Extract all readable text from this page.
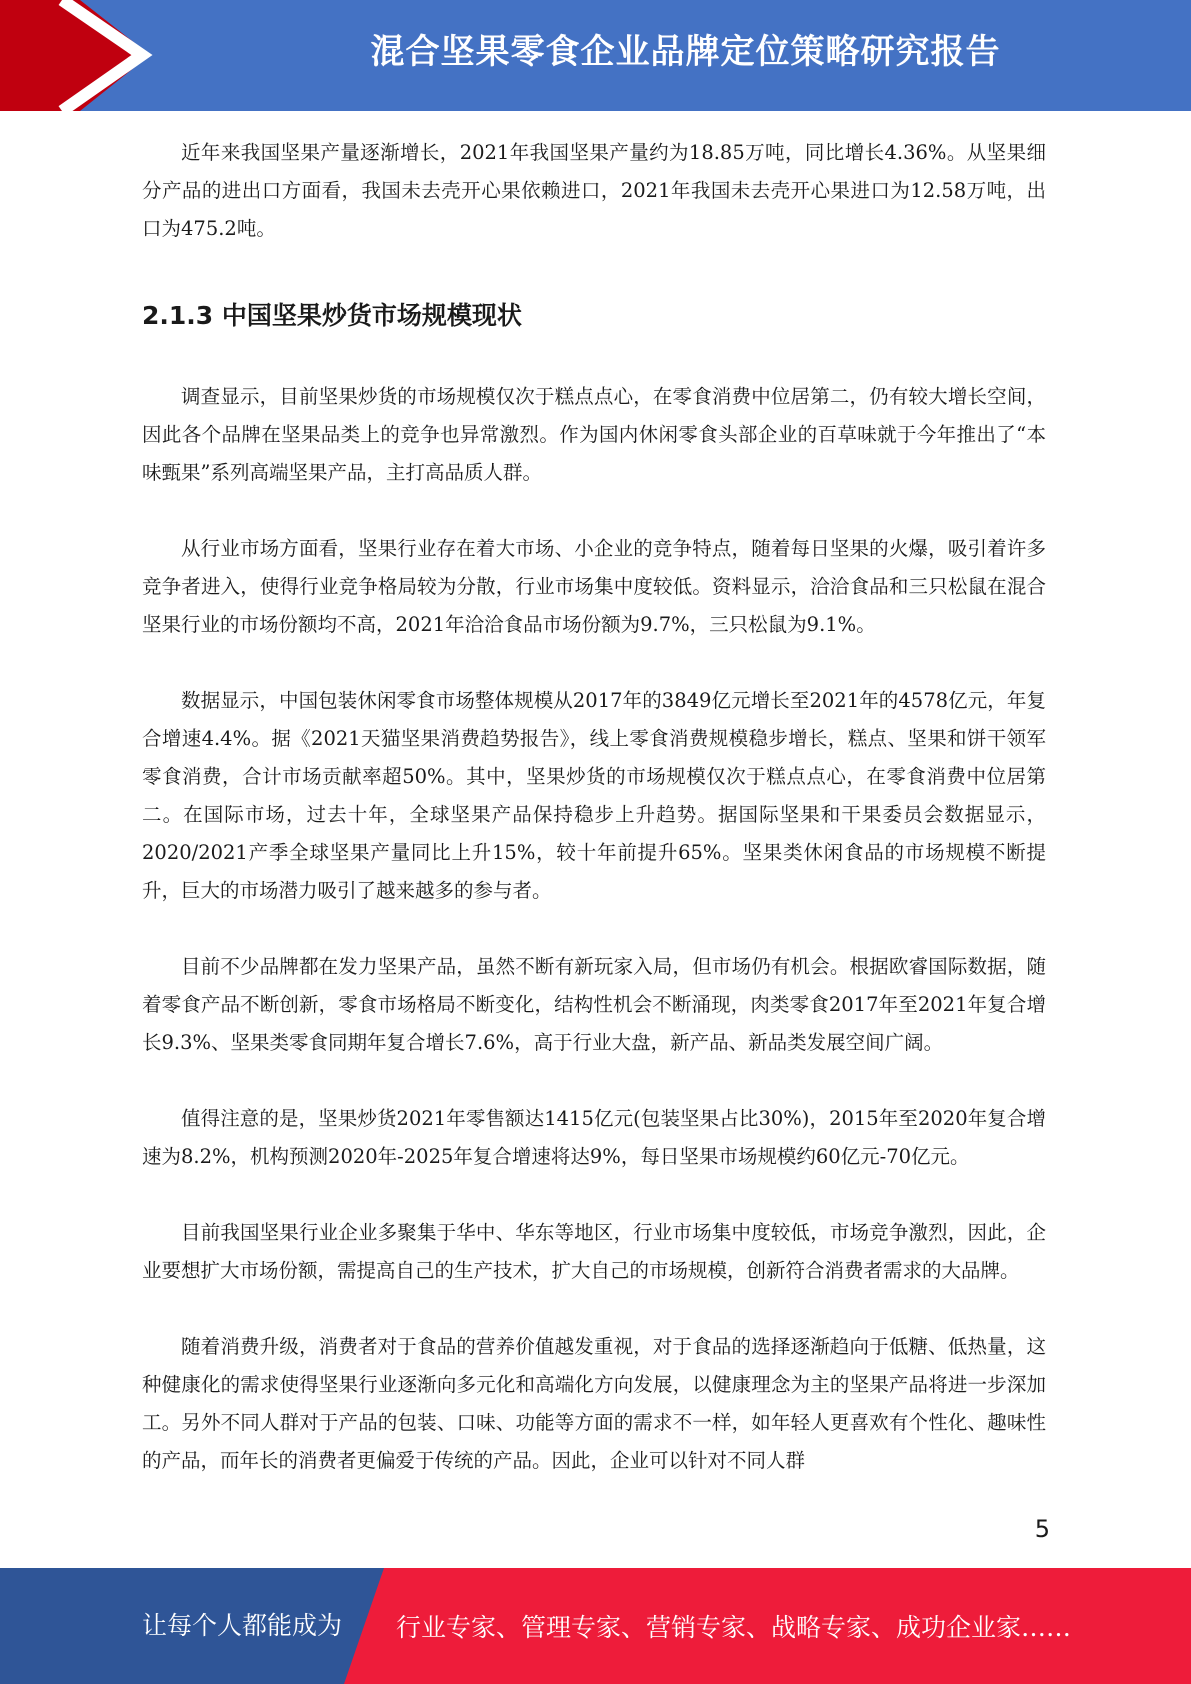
混合坚果零食企业品牌定位策略研究报告

近年来我国坚果产量逐渐增长，2021年我国坚果产量约为18.85万吨，同比增长4.36%。从坚果细分产品的进出口方面看，我国未去壳开心果依赖进口，2021年我国未去壳开心果进口为12.58万吨，出口为475.2吨。

2.1.3 中国坚果炒货市场规模现状

调查显示，目前坚果炒货的市场规模仅次于糕点点心，在零食消费中位居第二，仍有较大增长空间，因此各个品牌在坚果品类上的竞争也异常激烈。作为国内休闲零食头部企业的百草味就于今年推出了“本味甄果”系列高端坚果产品，主打高品质人群。

从行业市场方面看，坚果行业存在着大市场、小企业的竞争特点，随着每日坚果的火爆，吸引着许多竞争者进入，使得行业竞争格局较为分散，行业市场集中度较低。资料显示，洽洽食品和三只松鼠在混合坚果行业的市场份额均不高，2021年洽洽食品市场份额为9.7%，三只松鼠为9.1%。

数据显示，中国包装休闲零食市场整体规模从2017年的3849亿元增长至2021年的4578亿元，年复合增速4.4%。据《2021天猫坚果消费趋势报告》，线上零食消费规模稳步增长，糕点、坚果和饼干领军零食消费，合计市场贡献率超50%。其中，坚果炒货的市场规模仅次于糕点点心，在零食消费中位居第二。在国际市场，过去十年，全球坚果产品保持稳步上升趋势。据国际坚果和干果委员会数据显示，2020/2021产季全球坚果产量同比上升15%，较十年前提升65%。坚果类休闲食品的市场规模不断提升，巨大的市场潜力吸引了越来越多的参与者。

目前不少品牌都在发力坚果产品，虽然不断有新玩家入局，但市场仍有机会。根据欧睿国际数据，随着零食产品不断创新，零食市场格局不断变化，结构性机会不断涌现，肉类零食2017年至2021年复合增长9.3%、坚果类零食同期年复合增长7.6%，高于行业大盘，新产品、新品类发展空间广阔。

值得注意的是，坚果炒货2021年零售额达1415亿元(包装坚果占比30%)，2015年至2020年复合增速为8.2%，机构预测2020年-2025年复合增速将达9%，每日坚果市场规模约60亿元-70亿元。

目前我国坚果行业企业多聚集于华中、华东等地区，行业市场集中度较低，市场竞争激烈，因此，企业要想扩大市场份额，需提高自己的生产技术，扩大自己的市场规模，创新符合消费者需求的大品牌。

随着消费升级，消费者对于食品的营养价值越发重视，对于食品的选择逐渐趋向于低糖、低热量，这种健康化的需求使得坚果行业逐渐向多元化和高端化方向发展，以健康理念为主的坚果产品将进一步深加工。另外不同人群对于产品的包装、口味、功能等方面的需求不一样，如年轻人更喜欢有个性化、趣味性的产品，而年长的消费者更偏爱于传统的产品。因此，企业可以针对不同人群

5

让每个人都能成为 行业专家、管理专家、营销专家、战略专家、成功企业家……
